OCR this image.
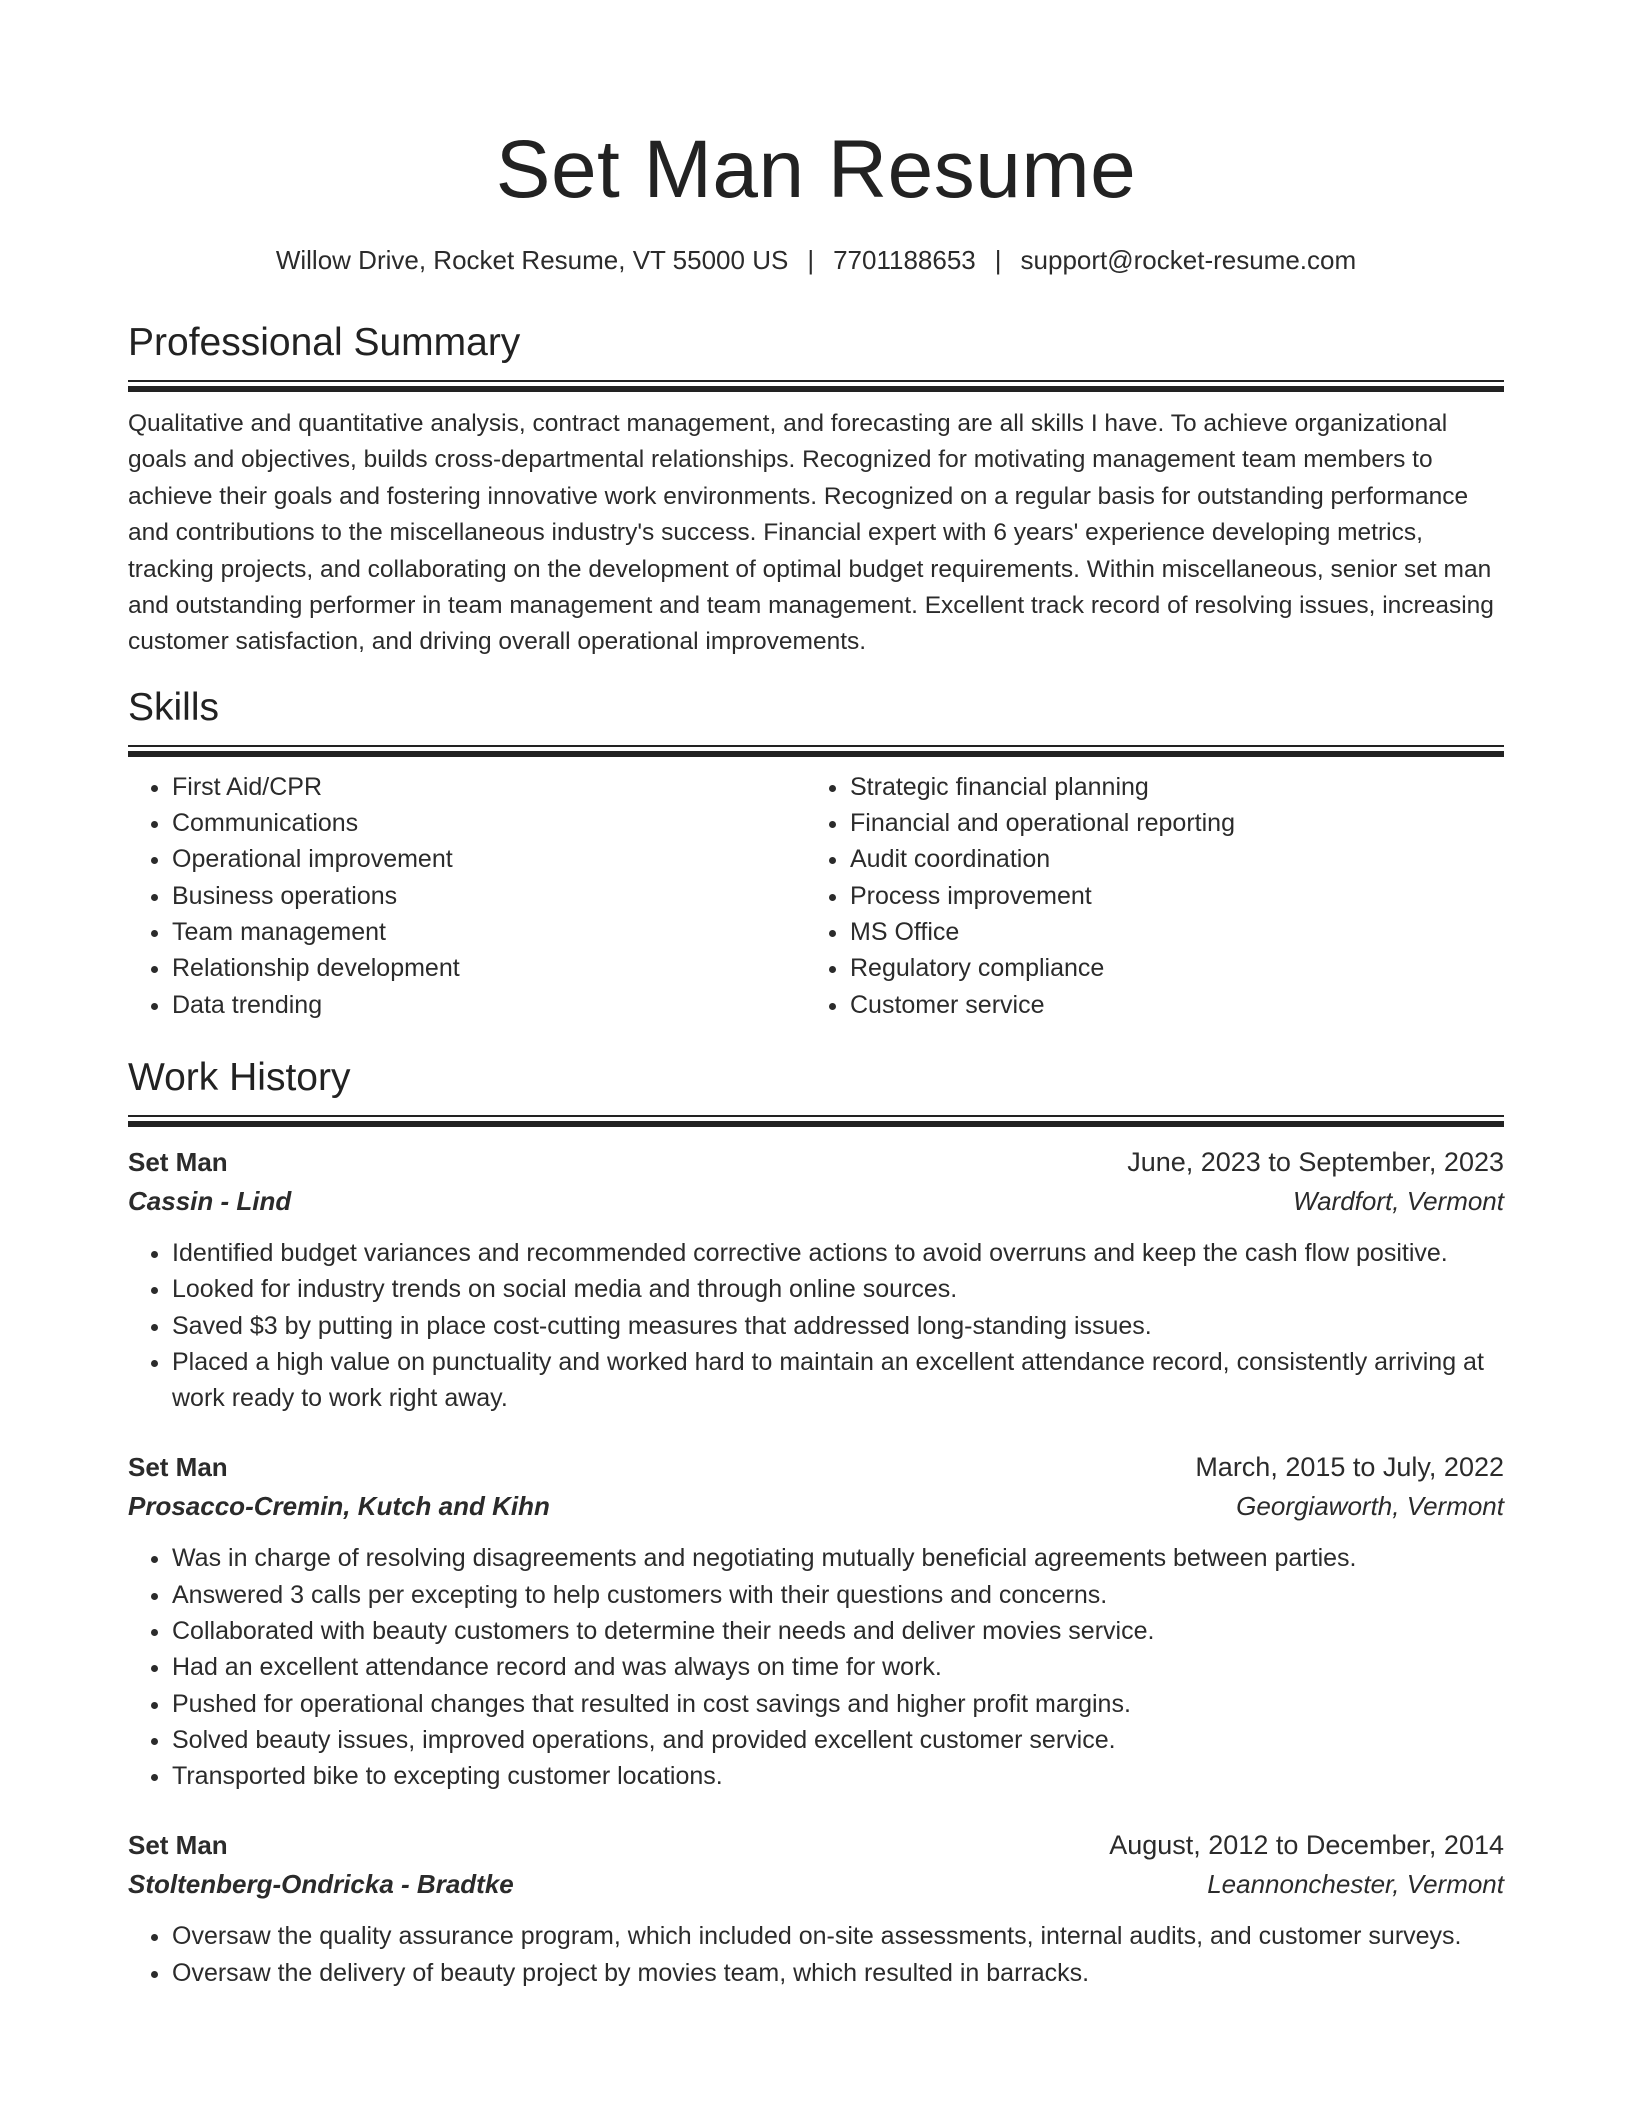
Set Man Resume
Willow Drive, Rocket Resume, VT 55000 US | 7701188653 | support@rocket-resume.com
Professional Summary

Qualitative and quantitative analysis, contract management, and forecasting are all skills I have. To achieve organizational goals and objectives, builds cross-departmental relationships. Recognized for motivating management team members to achieve their goals and fostering innovative work environments. Recognized on a regular basis for outstanding performance and contributions to the miscellaneous industry's success. Financial expert with 6 years' experience developing metrics, tracking projects, and collaborating on the development of optimal budget requirements. Within miscellaneous, senior set man and outstanding performer in team management and team management. Excellent track record of resolving issues, increasing customer satisfaction, and driving overall operational improvements.

Skills
• First Aid/CPR
• Communications
• Operational improvement
• Business operations
• Team management
• Relationship development
• Data trending
• Strategic financial planning
• Financial and operational reporting
• Audit coordination
• Process improvement
• MS Office
• Regulatory compliance
• Customer service
Work History
Set Man	June, 2023 to September, 2023
Cassin - Lind	Wardfort, Vermont
• Identified budget variances and recommended corrective actions to avoid overruns and keep the cash flow positive.
• Looked for industry trends on social media and through online sources.
• Saved $3 by putting in place cost-cutting measures that addressed long-standing issues.
• Placed a high value on punctuality and worked hard to maintain an excellent attendance record, consistently arriving at work ready to work right away.
Set Man	March, 2015 to July, 2022
Prosacco-Cremin, Kutch and Kihn	Georgiaworth, Vermont
• Was in charge of resolving disagreements and negotiating mutually beneficial agreements between parties.
• Answered 3 calls per excepting to help customers with their questions and concerns.
• Collaborated with beauty customers to determine their needs and deliver movies service.
• Had an excellent attendance record and was always on time for work.
• Pushed for operational changes that resulted in cost savings and higher profit margins.
• Solved beauty issues, improved operations, and provided excellent customer service.
• Transported bike to excepting customer locations.
Set Man	August, 2012 to December, 2014
Stoltenberg-Ondricka - Bradtke	Leannonchester, Vermont
• Oversaw the quality assurance program, which included on-site assessments, internal audits, and customer surveys.
• Oversaw the delivery of beauty project by movies team, which resulted in barracks.
